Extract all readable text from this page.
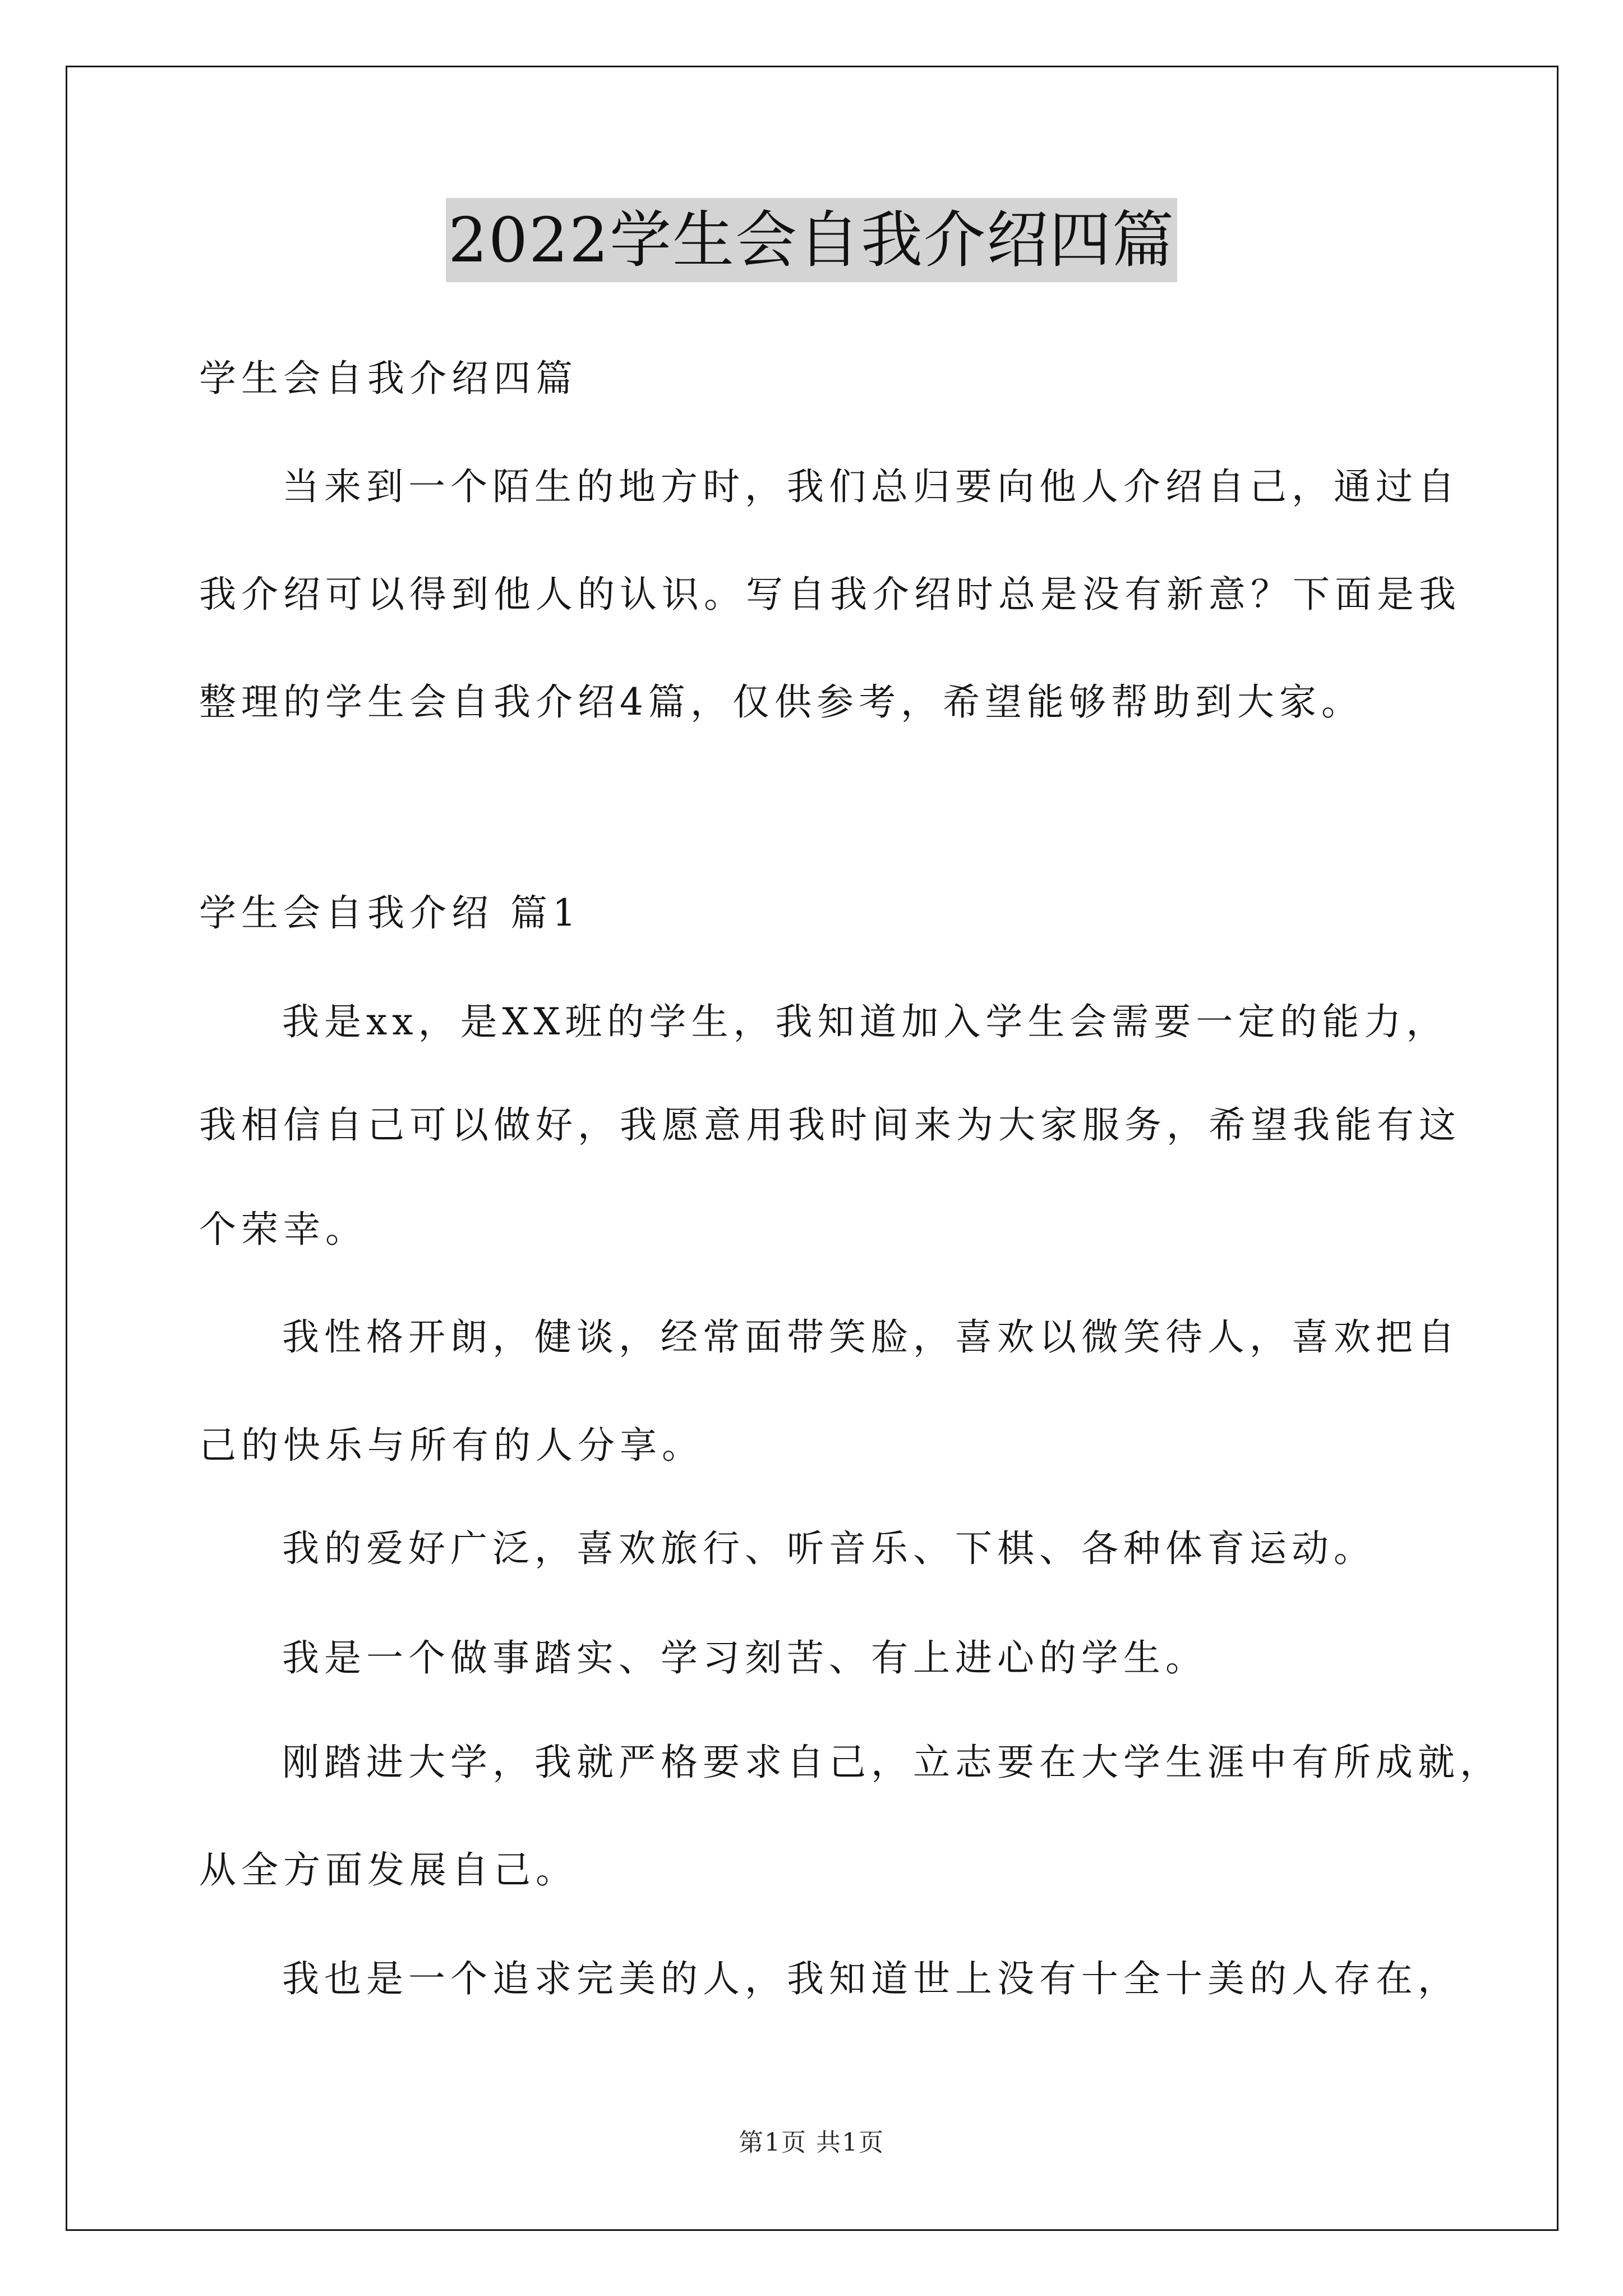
2022学生会自我介绍四篇
学生会自我介绍四篇
当来到一个陌生的地方时，我们总归要向他人介绍自己，通过自
我介绍可以得到他人的认识。写自我介绍时总是没有新意？下面是我
整理的学生会自我介绍4篇，仅供参考，希望能够帮助到大家。
学生会自我介绍 篇1
我是xx，是XX班的学生，我知道加入学生会需要一定的能力，
我相信自己可以做好，我愿意用我时间来为大家服务，希望我能有这
个荣幸。
我性格开朗，健谈，经常面带笑脸，喜欢以微笑待人，喜欢把自
己的快乐与所有的人分享。
我的爱好广泛，喜欢旅行、听音乐、下棋、各种体育运动。
我是一个做事踏实、学习刻苦、有上进心的学生。
刚踏进大学，我就严格要求自己，立志要在大学生涯中有所成就，
从全方面发展自己。
我也是一个追求完美的人，我知道世上没有十全十美的人存在，
第1页 共1页
